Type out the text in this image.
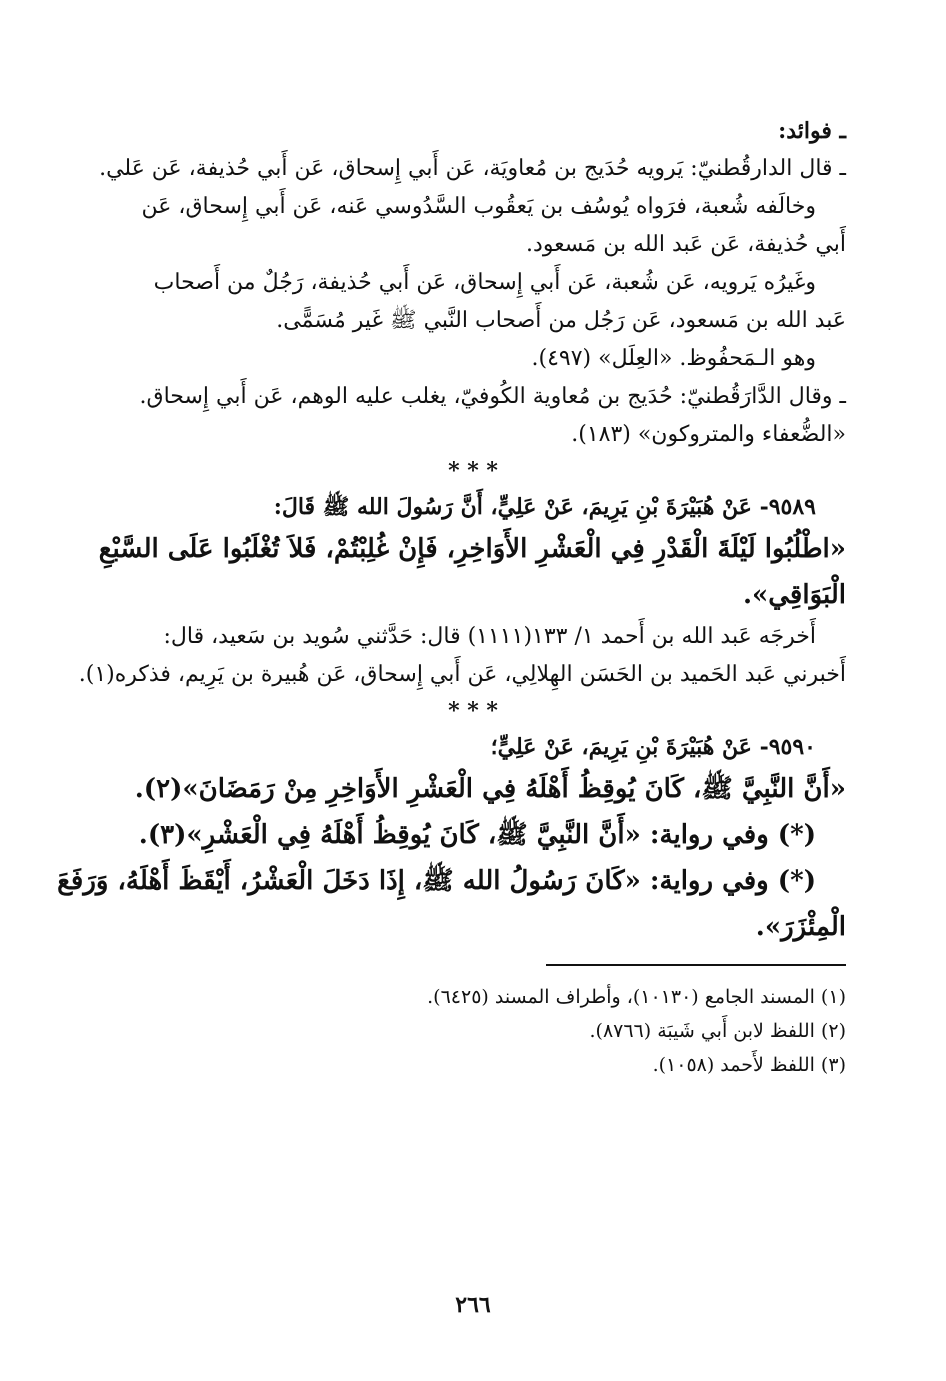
ـ فوائد:
ـ قال الدارقُطنيّ: يَرويه حُدَيج بن مُعاويَة، عَن أَبي إِسحاق، عَن أَبي حُذيفة، عَن عَلي.
وخالَفه شُعبة، فرَواه يُوسُف بن يَعقُوب السَّدُوسي عَنه، عَن أَبي إِسحاق، عَن
أَبي حُذيفة، عَن عَبد الله بن مَسعود.
وغَيرُه يَرويه، عَن شُعبة، عَن أَبي إِسحاق، عَن أَبي حُذيفة، رَجُلٌ من أَصحاب
عَبد الله بن مَسعود، عَن رَجُل من أَصحاب النَّبي ﷺ غَير مُسَمًّى.
وهو الـمَحفُوظ. «العِلَل» (٤٩٧).
ـ وقال الدَّارَقُطنيّ: حُدَيج بن مُعاوية الكُوفيّ، يغلب عليه الوهم، عَن أَبي إِسحاق.
«الضُّعفاء والمتروكون» (١٨٣).
* * *
٩٥٨٩- عَنْ هُبَيْرَةَ بْنِ يَرِيمَ، عَنْ عَلِيٍّ، أَنَّ رَسُولَ الله ﷺ قَالَ:
«اطْلُبُوا لَيْلَةَ الْقَدْرِ فِي الْعَشْرِ الأَوَاخِرِ، فَإِنْ غُلِبْتُمْ، فَلاَ تُغْلَبُوا عَلَى السَّبْعِ
الْبَوَاقِي».
أَخرجَه عَبد الله بن أَحمد ١/ ١٣٣(١١١١) قال: حَدَّثني سُويد بن سَعيد، قال:
أَخبرني عَبد الحَميد بن الحَسَن الهِلالِي، عَن أَبي إِسحاق، عَن هُبيرة بن يَرِيم، فذكره(١).
* * *
٩٥٩٠- عَنْ هُبَيْرَةَ بْنِ يَرِيمَ، عَنْ عَلِيٍّ؛
«أَنَّ النَّبِيَّ ﷺ، كَانَ يُوقِظُ أَهْلَهُ فِي الْعَشْرِ الأَوَاخِرِ مِنْ رَمَضَانَ»(٢).
(*) وفي رواية: «أَنَّ النَّبِيَّ ﷺ، كَانَ يُوقِظُ أَهْلَهُ فِي الْعَشْرِ»(٣).
(*) وفي رواية: «كَانَ رَسُولُ الله ﷺ، إِذَا دَخَلَ الْعَشْرُ، أَيْقَظَ أَهْلَهُ، وَرَفَعَ
الْمِئْزَرَ».
(١) المسند الجامع (١٠١٣٠)، وأطراف المسند (٦٤٢٥).
(٢) اللفظ لابن أَبي شَيبَة (٨٧٦٦).
(٣) اللفظ لأَحمد (١٠٥٨).
٢٦٦
